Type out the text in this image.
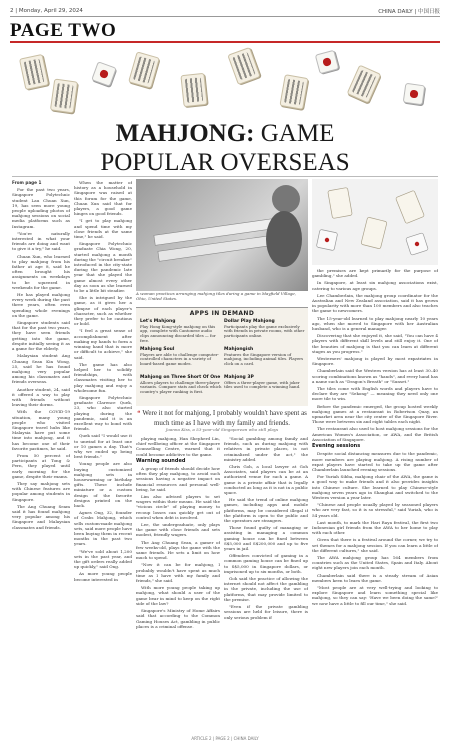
2 | Monday, April 29, 2024	CHINA DAILY | 中国日报
PAGE TWO
MAHJONG: GAME
POPULAR OVERSEAS

From page 1

For the past two years, Singapore Polytechnic student Lau Chuan Xun, 19, has seen more young people uploading photos of mahjong sessions on social media platforms such as Instagram.

"You're naturally interested in what your friends are doing and want to give it a try," he said.

Chuan Xun, who learned to play mahjong from his father at age 8, said he often brought his assignments on weekdays to be squeezed in weekends for the game.

He has played mahjong every week during the past three years, often even spending whole evenings on the game.

Singapore students said that for the past two years, they have seen friends getting into the game, despite initially seeing it as a game for the elderly.

Malaysian student Ang Chuang Sean Kin Wong, 25, said he has found mahjong very popular among his classmates and friends overseas.

Another student, 24, said it offered a way to play with friends without leaving their dorms.

With the COVID-19 situation, many young people who visited Singapore travel hubs like Malaysia have put some time into mahjong, and it has become one of their favorite pastimes, he said.

From 50 percent of participants at Tong & Fern, they played until early morning for the game, despite their exams.

They say mahjong sets with Chinese features are popular among students in Singapore.

The Ang Chuang Seam said it has found mahjong very popular among his Singapore and Malaysian classmates and friends.

When the matter of history as a household in Singapore was raised at this forum for the game, Chuan Xun said that for players, a good game hinges on good friends.

"I get to play mahjong and spend time with my close friends at the same time," he said.

Singapore Polytechnic graduate Chia Wong, 20, started mahjong a month during the "circuit breaker" introduced in the city-state during the pandemic late year that she played the game almost every other day as soon as she learned to be a little bit steadier.

She is intrigued by the game, as it gives her a glimpse of each player's character, such as whether they prefer to be cautious or bold.

"I feel a great sense of accomplishment after making my hands to form a winning hand that is more or difficult to achieve," she said.

The game has also helped her to solidify friendships, with classmates visiting her to play mahjong and enjoy a wholesome fun.

Singapore Polytechnic graduate Clarence Quek, 23, who also started playing during the pandemic, said it is an excellent way to bond with friends.

Quek said "I would use it to unwind for at least one or 10 games a day. That's why we ended up being best friends."

Young people are also buying customized mahjong sets in housewarming or birthday gifts. These include miniature or a custom design of the favorite designs printed on the back.

Agnes Ong, 32, founder of Crabs Mahjong, which sells custom-made mahjong sets, said more people have been buying them in recent months in the past two years.

"We've sold about 1,200 sets in the past year, and the gift orders really added up quickly," said Ong.

As more young people become interested in

A woman practices arranging mahjong tiles during a game in Mayfield Village, Ohio, United States.
APPS IN DEMAND
Let's Mahjong
Play Hong Kong-style mahjong on this app, complete with Cantonese audio clips announcing discarded tiles — for free.
Dollar Play Mahjong
Participants play the game exclusively with friends in private rooms, with other participants online.
Mahjong Soul
Players are able to challenge computer-controlled characters in a variety of board-based game modes.
Mahjongish
Features the Singapore version of mahjong, including animal tiles. Players click on a card.
Mahjong on Three Short Of One
Allows players to challenge three-player variants. Compare stats and check which country's player ranking is first.
Mahjong 3P
Offers a three-player game, with joker tiles used to complete a winning hand.
❝ Were it not for mahjong, I probably wouldn't have spent as much time as I have with my family and friends.
Joanna Kiss, a 53-year-old Singaporean who still plays

playing mahjong, Han Shepherd Lin, chief wellbeing officer at the Singapore Counselling Centre, warned that it could become addictive to the game.

Warning sounded

A group of friends should decide how often they play mahjong, to avoid such sessions having a negative impact on financial resources and personal well-being, he said.

Lim also advised players to set wagers within their means. He said the "vicious circle" of playing money to recoup losses can quickly get out of control when debt is involved.

Lee, the undergraduate, only plays the game with close friends and sets modest, friendly wagers.

The Ang Chuang Sean, a gamer of few weeks-old, plays the game with the same friends. He sets a limit on how much to spend.

"Now it can be for mahjong, I probably wouldn't have spent as much time as I have with my family and friends," she said.

With more young people taking up mahjong, what should a user of the game bear in mind to keep on the right side of the law?

Singapore's Ministry of Home Affairs said that according to the Common Gaming Houses Act, gambling in public places is a criminal offense.

"Social gambling among family and friends, such as during mahjong with relatives in private places, is not criminalized under the act," the ministry added.

Chris Goh, a local lawyer at Goh Associates, said players can be at an authorized venue for such a game. A game is a private affair that is legally conducted as long as it is not in a public space.

He said the trend of online mahjong games, including apps and mobile platforms, may be considered illegal if the platform is open to the public and the operators are strangers.

Those found guilty of managing or assisting in managing a common gaming house can be fined between S$5,000 and S$200,000 and up to five years in jail.

Offenders convicted of gaming in a common gaming house can be fined up to S$5,000 in Singapore dollars, or imprisoned up to six months, or both.

Goh said the practice of allowing the internet should not affect the gambling in the private, including the use of platforms, that may provide limited to the premise.

"Even if the private gambling sessions are held for leisure, there is only serious problem if

the premises are kept primarily for the purpose of gambling," she added.

In Singapore, at least six mahjong associations exist, catering to various age groups.

Lee Chamberlain, the mahjong group coordinator for the Australian and New Zealand association, said it has grown in popularity with more than 100 members and also teaches the game to newcomers.

The 15-year-old learned to play mahjong nearly 10 years ago, when she moved to Singapore with her Australian husband, who is a general manager.

Discovering that she enjoyed it, she said, "You can have 4 players with different skill levels and still enjoy it. One of the beauties of mahjong is that you can learn at different stages as you progress."

Westerners' mahjong is played by most expatriates in Singapore.

Chamberlain said the Western version has at least 30–40 scoring combinations known as "hands", and every hand has a name such as "Dragon's Breath" or "Sunset."

The tiles come with English words and players have to declare they are "Sekong" — meaning they need only one more tile to win.

Before the pandemic emerged, the group hosted weekly mahjong games at a restaurant in Robertson Quay, an upmarket area near the city center of the Singapore River. Those were between six and eight tables each night.

The restaurant also used to host mahjong sessions for the American Women's Association, or AWA, and the British Association of Singapore.

Evening sessions

Despite social distancing measures due to the pandemic, more members are playing mahjong. A rising number of expat players have started to take up the game after Chamberlain launched evening sessions.

For Yuriah Sibba, mahjong chair of the AWA, the game is a good way to make friends and it also provides insights into Chinese culture. She learned to play Chinese-style mahjong seven years ago in Shanghai and switched to the Western version a year later.

"Chinese and people usually played by seasoned players who are very fast, so it is so stressful," said Yuriah, who is 54 years old.

Last month, to mark the Hari Raya festival, the first two Indonesian girl friends from the AWA to her home to play with each other.

Given that there is a festival around the corner, we try to set themes for a mahjong session. If you can learn a little of the different cultures," she said.

The AWA mahjong group has 164 members from countries such as the United States, Spain and Italy. About eight new players join each month.

Chamberlain said there is a steady stream of Asian members keen to learn the game.

"Most people are at very well-trying and looking to explore Singapore and learn something special like mahjong, so they can say: 'Have we been doing the same?' we now have a little to fill our time," she said.

ARTICLE 2 | PAGE 2 | CHINA DAILY
